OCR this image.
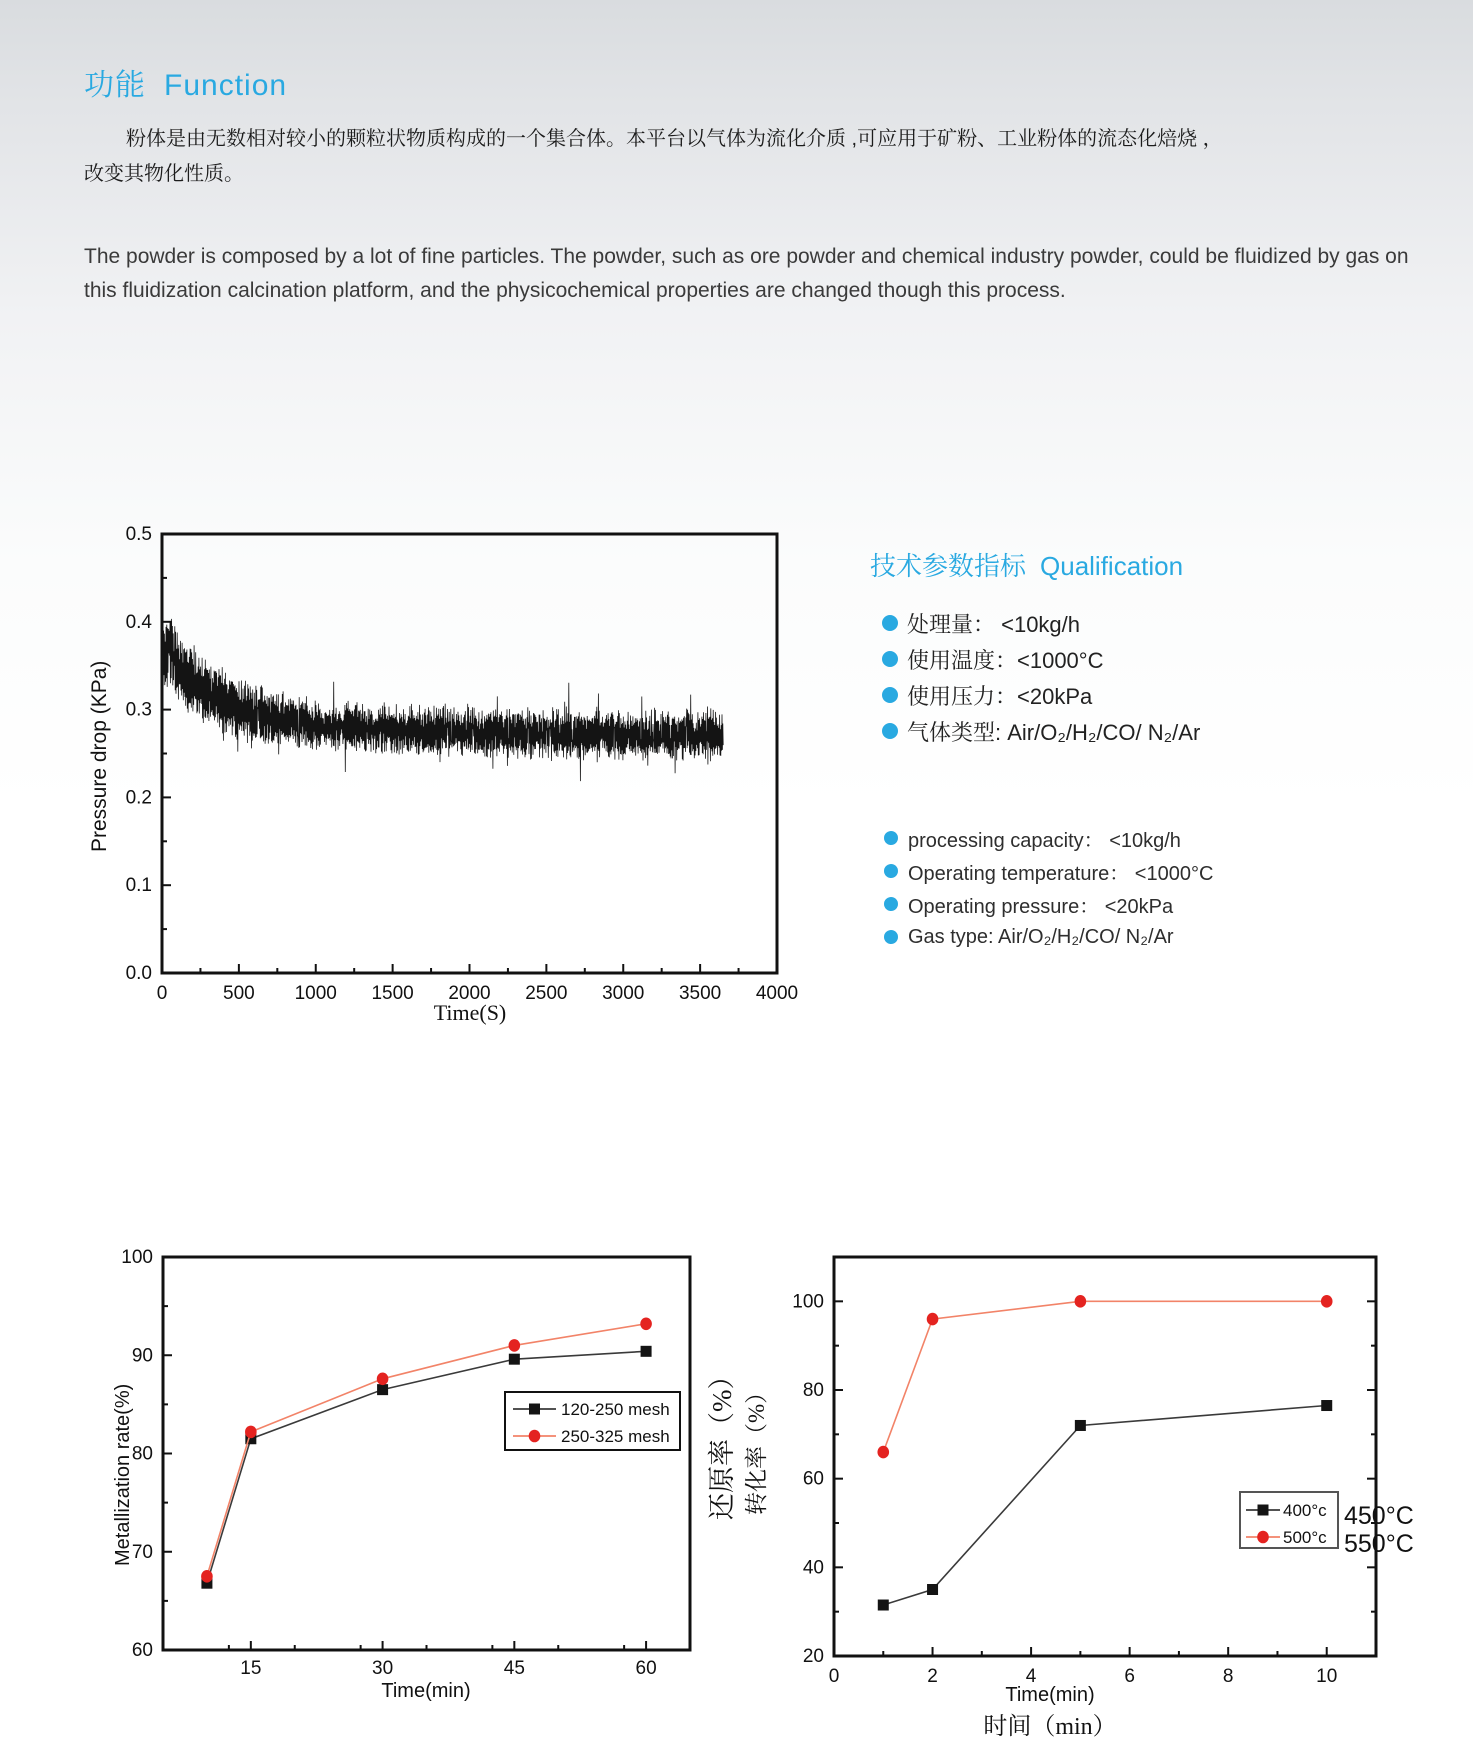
功能 Function
粉体是由无数相对较小的颗粒状物质构成的一个集合体。本平台以气体为流化介质 ,可应用于矿粉、工业粉体的流态化焙烧 ，
改变其物化性质。
The powder is composed by a lot of fine particles. The powder, such as ore powder and chemical industry powder, could be fluidized by gas on this fluidization calcination platform, and the physicochemical properties are changed though this process.
0	500 1000 1500 2000 2500 3000 3500 4000
0.0
0.1
0.2
0.3
0.4
0.5
Pressure drop (KPa)
Time(S)
技术参数指标 Qualification
处理量： <10kg/h
使用温度：<1000°C
使用压力：<20kPa
气体类型: Air/O₂/H₂/CO/ N₂/Ar
processing capacity： <10kg/h
Operating temperature： <1000°C
Operating pressure： <20kPa
Gas type: Air/O₂/H₂/CO/ N₂/Ar
15	30	45	60
60
70
80
90
100
120-250 mesh
250-325 mesh
Metallization rate(%)
Time(min)
0	2	4	6	8	10
20
40
60
80
100
400°c
500°c
450°C
550°C
还原率（%） 转化率（%）
Time(min)
时间（min）
